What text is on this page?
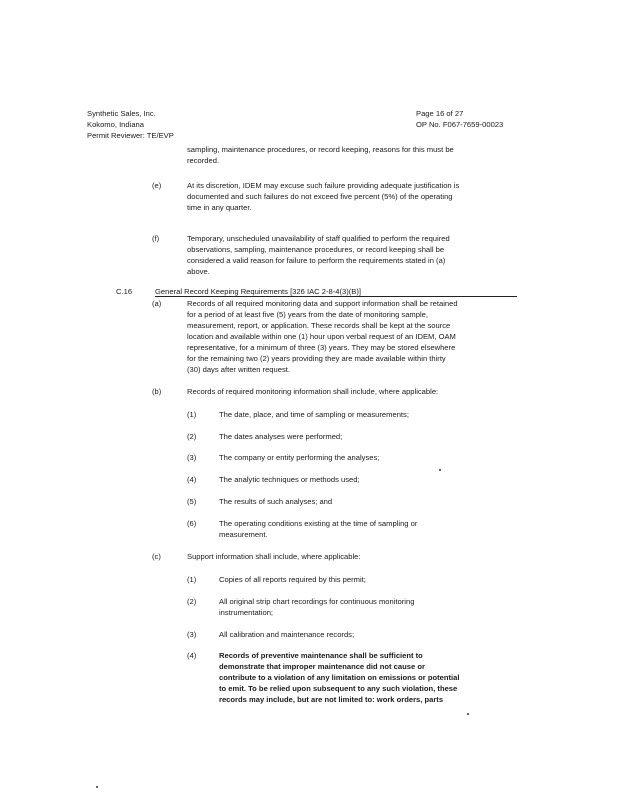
Synthetic Sales, Inc.
Kokomo, Indiana
Permit Reviewer: TE/EVP
Page 16 of 27
OP No. F067-7659-00023
sampling, maintenance procedures, or record keeping, reasons for this must be
recorded.
(e)	At its discretion, IDEM may excuse such failure providing adequate justification is
documented and such failures do not exceed five percent (5%) of the operating
time in any quarter.
(f)	Temporary, unscheduled unavailability of staff qualified to perform the required
observations, sampling, maintenance procedures, or record keeping shall be
considered a valid reason for failure to perform the requirements stated in (a)
above.
C.16	General Record Keeping Requirements [326 IAC 2-8-4(3)(B)]
(a)	Records of all required monitoring data and support information shall be retained
for a period of at least five (5) years from the date of monitoring sample,
measurement, report, or application. These records shall be kept at the source
location and available within one (1) hour upon verbal request of an IDEM, OAM
representative, for a minimum of three (3) years. They may be stored elsewhere
for the remaining two (2) years providing they are made available within thirty
(30) days after written request.
(b)	Records of required monitoring information shall include, where applicable:
(1)	The date, place, and time of sampling or measurements;
(2)	The dates analyses were performed;
(3)	The company or entity performing the analyses;
(4)	The analytic techniques or methods used;
(5)	The results of such analyses; and
(6)	The operating conditions existing at the time of sampling or
measurement.
(c)	Support information shall include, where applicable:
(1)	Copies of all reports required by this permit;
(2)	All original strip chart recordings for continuous monitoring
instrumentation;
(3)	All calibration and maintenance records;
(4)	Records of preventive maintenance shall be sufficient to
demonstrate that improper maintenance did not cause or
contribute to a violation of any limitation on emissions or potential
to emit. To be relied upon subsequent to any such violation, these
records may include, but are not limited to: work orders, parts
